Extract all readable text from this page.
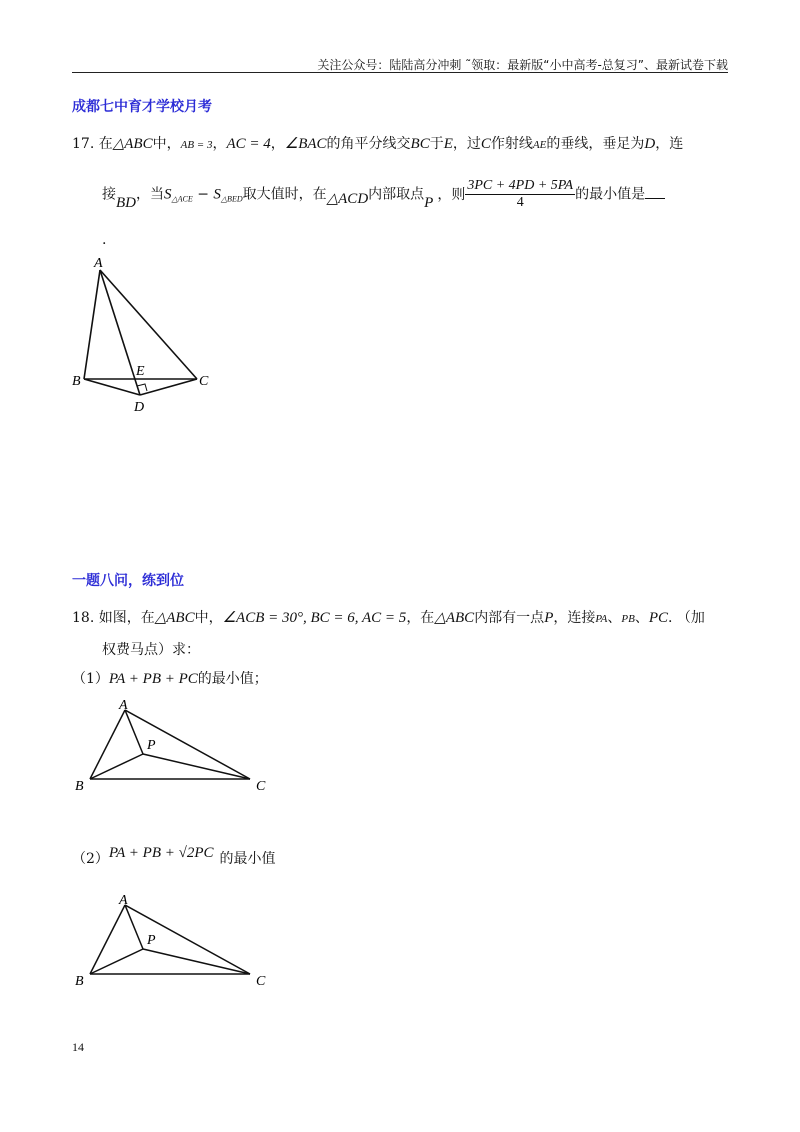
关注公众号：陆陆高分冲刺 ˜领取：最新版“小中高考-总复习”、最新试卷下载
成都七中育才学校月考
17. 在△ABC中，AB = 3，AC = 4，∠BAC的角平分线交BC于E，过C作射线AE的垂线，垂足为D，连
接BD，当$S_{\triangle ACE} - S_{\triangle BED}$取大值时，在△ACD内部取点P ，则 $\frac{3PC + 4PD + 5PA}{4}$ 的最小值是
.
A
B	C
D
E
一题八问，练到位
18. 如图，在△ABC中，∠ACB = 30°, BC = 6, AC = 5，在△ABC内部有一点P，连接PA、PB、PC. （加
权费马点）求：
（1）PA + PB + PC的最小值；
A
B	C
P
（2）PA + PB + √2PC 的最小值
A
B	C
P
14
